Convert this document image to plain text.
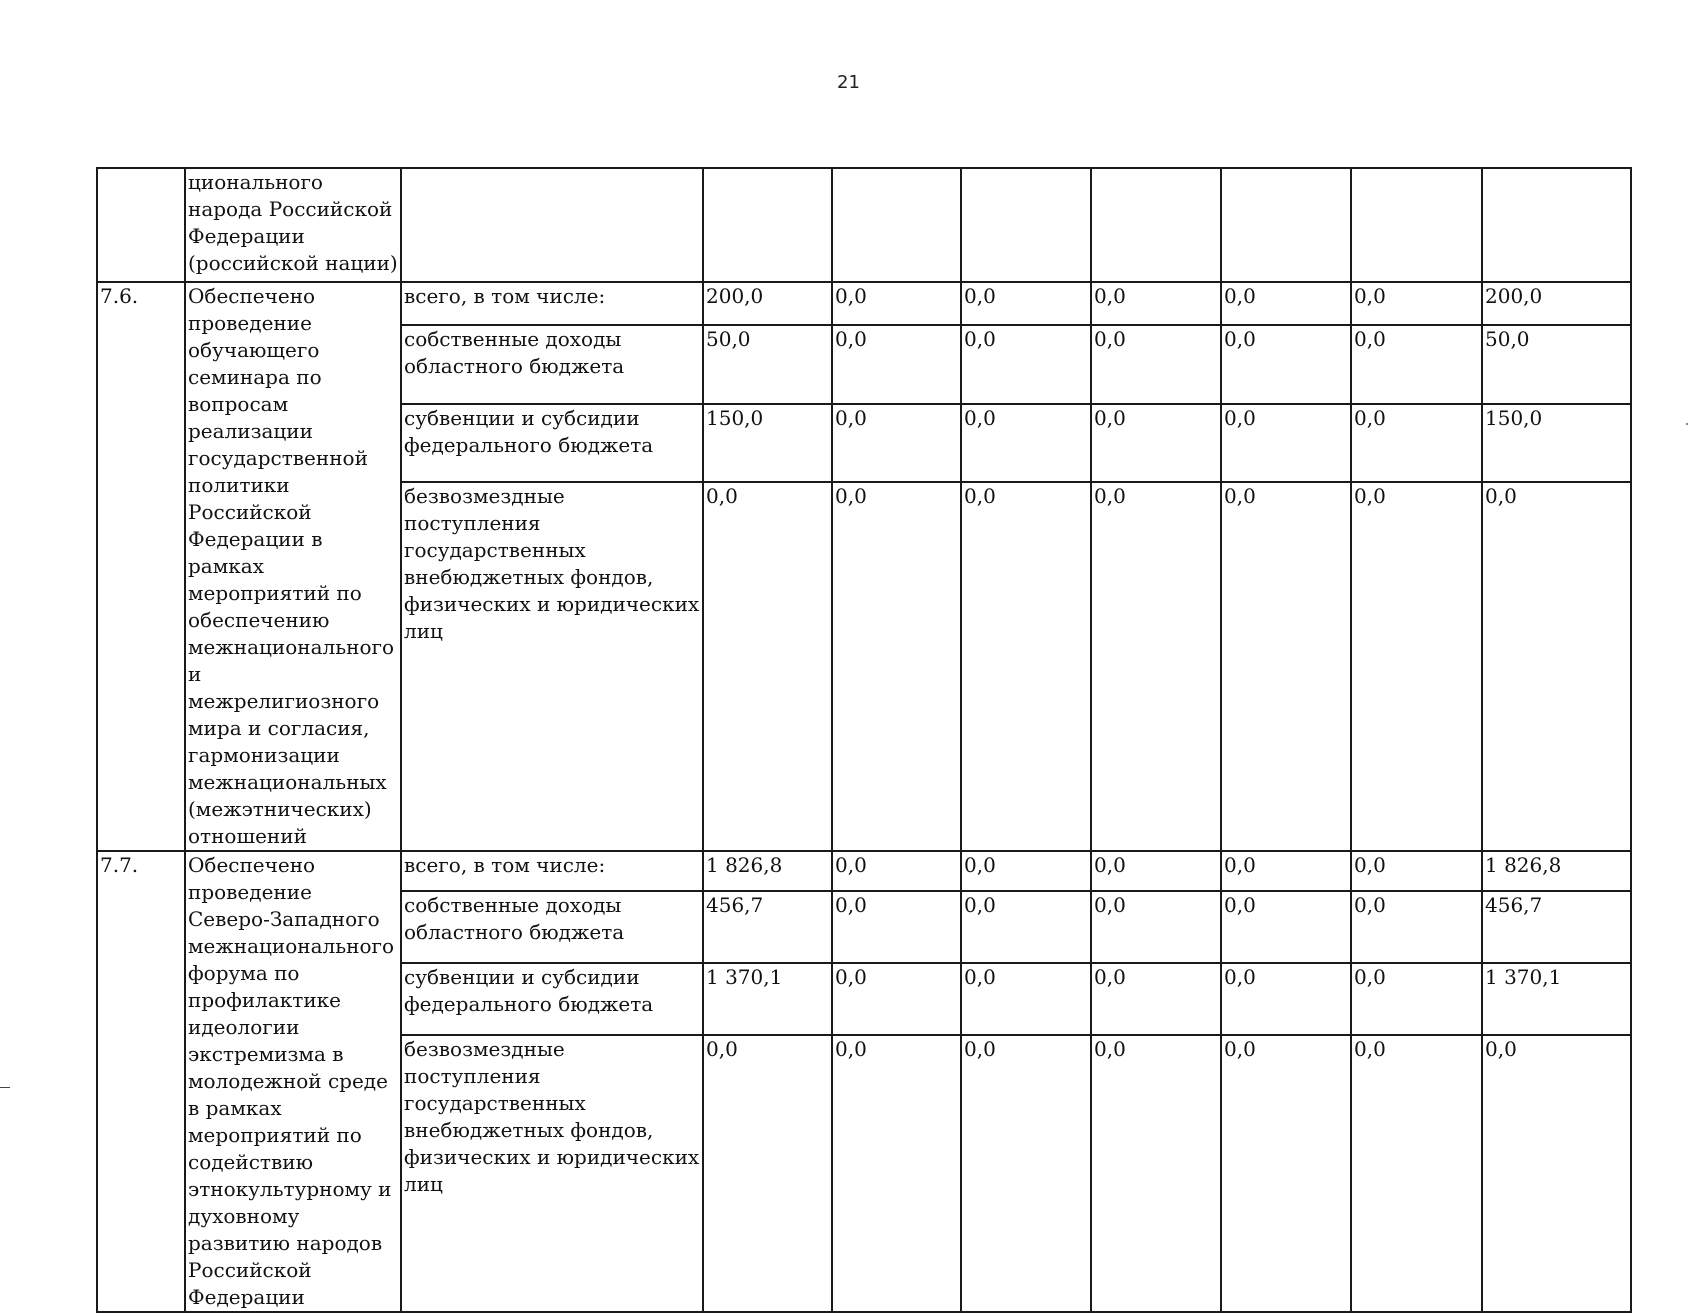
21
	ционального народа Российской Федерации (российской нации)								
7.6.	Обеспечено проведение обучающего семинара по вопросам реализации государственной политики Российской Федерации в рамках мероприятий по обеспечению межнационального и межрелигиозного мира и согласия, гармонизации межнациональных (межэтнических) отношений	всего, в том числе:	200,0	0,0	0,0	0,0	0,0	0,0	200,0
		собственные доходы областного бюджета	50,0	0,0	0,0	0,0	0,0	0,0	50,0
		субвенции и субсидии федерального бюджета	150,0	0,0	0,0	0,0	0,0	0,0	150,0
		безвозмездные поступления государственных внебюджетных фондов, физических и юридических лиц	0,0	0,0	0,0	0,0	0,0	0,0	0,0
7.7.	Обеспечено проведение Северо-Западного межнационального форума по профилактике идеологии экстремизма в молодежной среде в рамках мероприятий по содействию этнокультурному и духовному развитию народов Российской Федерации	всего, в том числе:	1 826,8	0,0	0,0	0,0	0,0	0,0	1 826,8
		собственные доходы областного бюджета	456,7	0,0	0,0	0,0	0,0	0,0	456,7
		субвенции и субсидии федерального бюджета	1 370,1	0,0	0,0	0,0	0,0	0,0	1 370,1
		безвозмездные поступления государственных внебюджетных фондов, физических и юридических лиц	0,0	0,0	0,0	0,0	0,0	0,0	0,0
